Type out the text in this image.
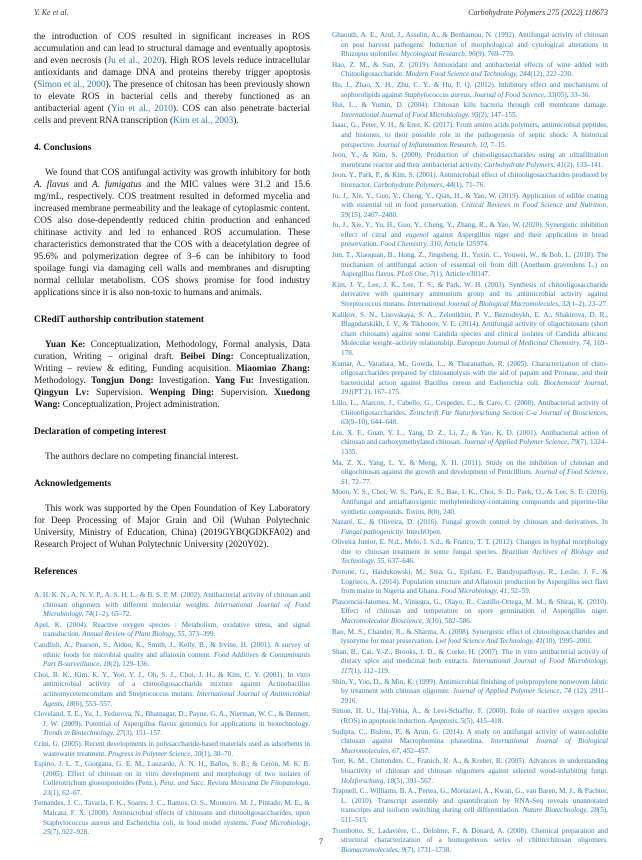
Y. Ke et al.	Carbohydrate Polymers 275 (2022) 118673

the introduction of COS resulted in significant increases in ROS accumulation and can lead to structural damage and eventually apoptosis and even necrosis (Ju et al., 2020). High ROS levels reduce intracellular antioxidants and damage DNA and proteins thereby trigger apoptosis (Simon et al., 2000). The presence of chitosan has been previously shown to elevate ROS in bacterial cells and thereby functioned as an antibacterial agent (Yin et al., 2010). COS can also penetrate bacterial cells and prevent RNA transcription (Kim et al., 2003).

4. Conclusions

We found that COS antifungal activity was growth inhibitory for both A. flavus and A. fumigatus and the MIC values were 31.2 and 15.6 mg/mL, respectively. COS treatment resulted in deformed mycelia and increased membrane permeability and the leakage of cytoplasmic content. COS also dose-dependently reduced chitin production and enhanced chitinase activity and led to enhanced ROS accumulation. These characteristics demonstrated that the COS with a deacetylation degree of 95.6% and polymerization degree of 3–6 can be inhibitory to food spoilage fungi via damaging cell walls and membranes and disrupting normal cellular metabolism. COS shows promise for food industry applications since it is also non-toxic to humans and animals.

CRediT authorship contribution statement

Yuan Ke: Conceptualization, Methodology, Formal analysis, Data curation, Writing – original draft. Beibei Ding: Conceptualization, Writing – review & editing, Funding acquisition. Miaomiao Zhang: Methodology. Tongjun Dong: Investigation. Yang Fu: Investigation. Qingyun Lv: Supervision. Wenping Ding: Supervision. Xuedong Wang: Conceptualization, Project administration.

Declaration of competing interest

The authors declare no competing financial interest.

Acknowledgements

This work was supported by the Open Foundation of Key Laboratory for Deep Processing of Major Grain and Oil (Wuhan Polytechnic University, Ministry of Education, China) (2019GYBQGDKFA02) and Research Project of Wuhan Polytechnic University (2020Y02).

References

A, H. K. N., A, N. Y. P., A, S. H. L., & B, S. P. M. (2002). Antibacterial activity of chitosan and chitosan oligomers with different molecular weights. International Journal of Food Microbiology, 74(1–2), 65–72.

Apel, K. (2004). Reactive oxygen species : Metabolism, oxidative stress, and signal transduction. Annual Review of Plant Biology, 55, 373–399.

Candlish, A., Pearson, S., Aidoo, K., Smith, J., Kelly, B., & Irvine, H. (2001). A survey of ethnic foods for microbial quality and aflatoxin content. Food Additives & Contaminants Part B-surveillance, 18(2), 129–136.

Choi, B. K., Kim, K. Y., Yoo, Y. J., Oh, S. J., Choi, J. H., & Kim, C. Y. (2001). In vitro antimicrobial activity of a chitooligosaccharide mixture against Actinobacillus actinomycetemcomitans and Streptococcus mutans. International Journal of Antimicrobial Agents, 18(6), 553–557.

Cleveland, T. E., Yu, J., Fedorova, N., Bhatnagar, D., Payne, G. A., Nierman, W. C., & Bennett, J. W. (2009). Potential of Aspergillus flavus genomics for applications in biotechnology. Trends in Biotechnology, 27(3), 151–157.

Crini, G. (2005). Recent developments in polysaccharide-based materials used as adsorbents in wastewater treatment. Progress in Polymer Science, 30(1), 38–70.

Espino, J. L. T., Giorgana, G. E. M., Lauzardo, A. N. H., Baños, S. B., & Cerón, M. K. B. (2005). Effect of chitosan on in vitro development and morphology of two isolates of Colletotrichum gloeosporioides (Penz.). Penz. and Sacc. Revista Mexicana De Fitopatologa, 23(1), 62–67.

Fernandes, J. C., Tavaria, F. K., Soares, J. C., Ramos, O. S., Monteiro, M. J., Pintado, M. E., & Malcata, F. X. (2008). Antimicrobial effects of chitosans and chitooligosaccharides, upon Staphylococcus aureus and Escherichia coli, in food model systems. Food Microbiology, 25(7), 922–928.

Ghaouth, A. E., Arul, J., Asselin, A., & Benhamou, N. (1992). Antifungal activity of chitosan on post harvest pathogens: Induction of morphological and cytological alterations in Rhizopus stolonifer. Mycological Research, 96(9), 769–779.

Hao, Z. M., & Sun, Z. (2019). Antioxidant and antibacterial effects of wine added with Chitooligosaccharide. Modern Food Science and Technology, 244(12), 222–230.

Hu, J., Zhao, X. H., Zhu, C. Y., & Hu, F. Q. (2012). Inhibitory effect and mechanisms of sophorolipids against Staphylococcus aureus. Journal of Food Science, 33(05), 33–36.

Hui, L., & Yumin, D. (2004). Chitosan kills bacteria through cell membrane damage. International Journal of Food Microbiology, 95(2), 147–155.

Isaac, G., Peter, V. H., & Erez, K. (2017). From amino acids polymers, antimicrobial peptides, and histones, to their possible role in the pathogenesis of septic shock: A historical perspective. Journal of Inflammation Research, 10, 7–15.

Jeon, Y., & Kim, S. (2000). Production of chitooligosaccharides using an ultrafiltration membrane reactor and their antibacterial activity. Carbohydrate Polymers, 41(2), 133–141.

Jeon, Y., Park, P., & Kim, S. (2001). Antimicrobial effect of chitooligosaccharides produced by bioreactor. Carbohydrate Polymers, 44(1), 71–76.

Ju, J., Xie, Y., Guo, Y., Cheng, Y., Qian, H., & Yao, W. (2019). Application of edible coating with essential oil in food preservation. Critical Reviews in Food Science and Nutrition, 59(15), 2467–2480.

Ju, J., Xie, Y., Yu, H., Guo, Y., Cheng, Y., Zhang, R., & Yao, W. (2020). Synergistic inhibition effect of citral and eugenol against Aspergillus niger and their application in bread preservation. Food Chemistry, 310, Article 125974.

Jun, T., Xiaoquan, B., Hong, Z., Jingsheng, H., Yuxin, C., Youwei, W., & Bob, L. (2018). The mechanism of antifungal action of essential oil from dill (Anethum graveolens L.) on Aspergillus flavus. PLoS One, 7(1), Article e30147.

Kim, J. Y., Lee, J. K., Lee, T. S., & Park, W. H. (2003). Synthesis of chitooligosaccharide derivative with quaternary ammonium group and its antimicrobial activity against Streptococcus mutans. International Journal of Biological Macromolecules, 32(1–2), 23–27.

Kulikov, S. N., Lisovskaya, S. A., Zelenikhin, P. V., Bezrodnykh, E. A., Shakirova, D. R., Blagodatskikh, I. V., & Tikhonov, V. E. (2014). Antifungal activity of oligochitosans (short chain chitosans) against some Candida species and clinical isolates of Candida albicans: Molecular weight–activity relationship. European Journal of Medicinal Chemistry, 74, 169–178.

Kumar, A., Varadara, M., Gowda, L., & Tharanathan, R. (2005). Characterization of chito-oligosaccharides prepared by chitosanolysis with the aid of papain and Pronase, and their bactericidal action against Bacillus cereus and Escherichia coli. Biochemical Journal, 391(PT 2), 167–175.

Lillo, L., Alarcon, J., Cabello, G., Cespedes, C., & Caro, C. (2008). Antibacterial activity of Chitooligosaccharides. Zeitschrift Fur Naturforschung Section C-a Journal of Biosciences, 63(9–10), 644–648.

Liu, X. F., Guan, Y. L., Yang, D. Z., Li, Z., & Yao, K. D. (2001). Antibacterial action of chitosan and carboxymethylated chitosan. Journal of Applied Polymer Science, 79(7), 1324–1335.

Ma, Z. X., Yang, L. Y., & Meng, X. H. (2011). Study on the inhibition of chitosan and oligochitosan against the growth and development of Penicillium. Journal of Food Science, S1, 72–77.

Moon, Y. S., Choi, W. S., Park, E. S., Bae, I. K., Choi, S. D., Paek, O., & Lee, S. E. (2016). Antifungal and antiaflatoxigenic methylenedioxy-containing compounds and piperine-like synthetic compounds. Toxins, 8(8), 240.

Nazaré, E., & Oliveira, D. (2016). Fungal growth control by chitosan and derivatives. In Fungal pathogenicity. IntechOpen.

Oliveira Junior, E. N.d., Melo, I. S.d., & Franco, T. T. (2012). Changes in hyphal morphology due to chitosan treatment in some fungal species. Brazilian Archives of Biology and Technology, 55, 637–646.

Perrone, G., Haidukowski, M., Stea, G., Epifani, F., Bandyopadhyay, R., Leslie, J. F., & Logrieco, A. (2014). Population structure and Aflatoxin production by Aspergillus sect flavi from maize in Nigeria and Ghana. Food Microbiology, 41, 52–59.

Plascencia-Jatomea, M., Viniegra, G., Olayo, R., Castillo-Ortega, M. M., & Shirai, K. (2010). Effect of chitosan and temperature on spore germination of Aspergillus niger. Macromolecular Bioscience, 3(10), 582–586.

Rao, M. S., Chander, R., & Sharma, A. (2008). Synergistic effect of chitooligosaccharides and lysozyme for meat preservation. Lwt food Science And Technology, 41(10), 1995–2001.

Shan, B., Cai, Y.-Z., Brooks, J. D., & Corke, H. (2007). The in vitro antibacterial activity of dietary spice and medicinal herb extracts. International Journal of Food Microbiology, 117(1), 112–119.

Shin, Y., Yoo, D., & Min, K. (1999). Antimicrobial finishing of polypropylene nonwoven fabric by treatment with chitosan oligomer. Journal of Applied Polymer Science, 74 (12), 2911–2916.

Simon, H. U., Haj-Yehia, A., & Levi-Schaffer, F. (2000). Role of reactive oxygen species (ROS) in apoptosis induction. Apoptosis, 5(5), 415–418.

Sudipta, C., Bishnu, P., & Arun, G. (2014). A study on antifungal activity of water-soluble chitosan against Macrophomina phaseolina. International Journal of Biological Macromolecules, 67, 452–457.

Torr, K. M., Chittenden, C., Franich, R. A., & Kreber, B. (2005). Advances in understanding bioactivity of chitosan and chitosan oligomers against selected wood-inhabiting fungi. Holzforschung, 18(5), 391–567.

Trapnell, C., Williams, B. A., Pertea, G., Mortazavi, A., Kwan, G., van Baren, M. J., & Pachter, L. (2010). Transcript assembly and quantification by RNA-Seq reveals unannotated transcripts and isoform switching during cell differentiation. Nature Biotechnology, 28(5), 511–515.

Trombotto, S., Ladavière, C., Delolme, F., & Donard, A. (2008). Chemical preparation and structural characterization of a homogeneous series of chitin/chitosan oligomers. Biomacromolecules, 9(7), 1731–1738.

7
